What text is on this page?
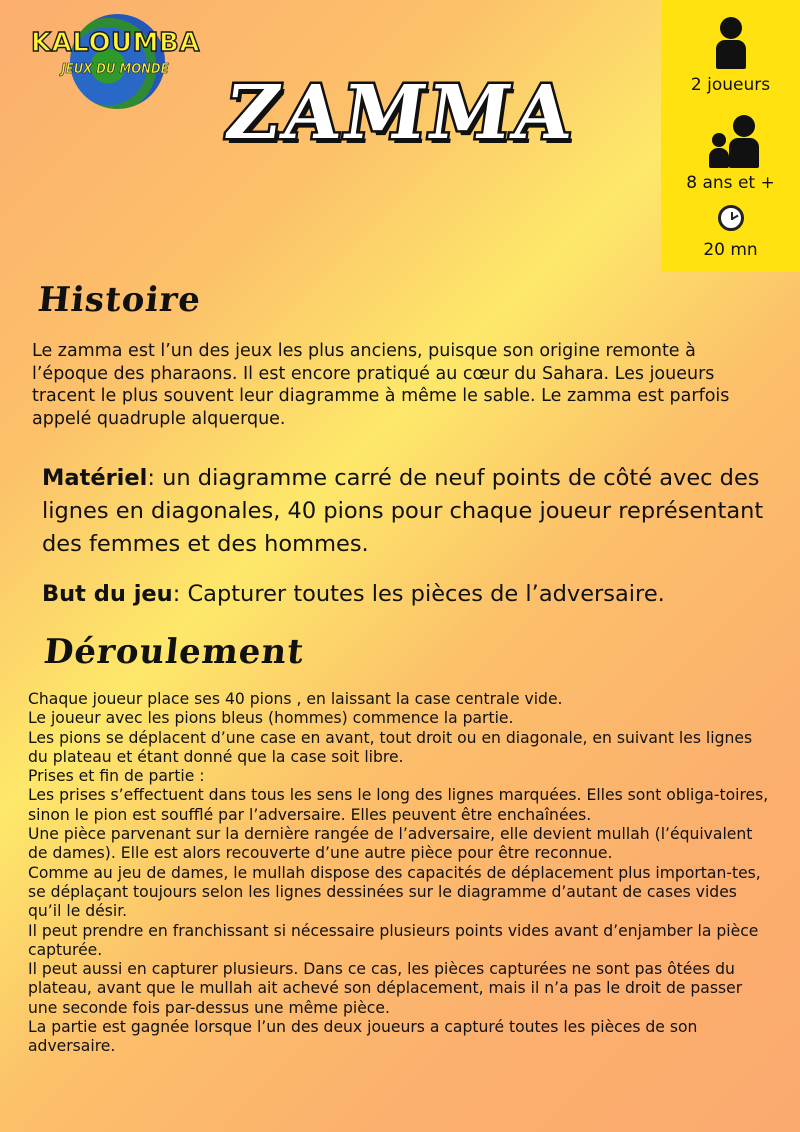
KALOUMBA
JEUX DU MONDE
ZAMMA	2 joueurs
8 ans et +
20 mn
Histoire
Le zamma est l’un des jeux les plus anciens, puisque son origine remonte à l’époque des pharaons. Il est encore pratiqué au cœur du Sahara. Les joueurs tracent le plus souvent leur diagramme à même le sable. Le zamma est parfois appelé quadruple alquerque.
Matériel: un diagramme carré de neuf points de côté avec des lignes en diagonales, 40 pions pour chaque joueur représentant des femmes et des hommes.
But du jeu: Capturer toutes les pièces de l’adversaire.
Déroulement

Chaque joueur place ses 40 pions , en laissant la case centrale vide.

Le joueur avec les pions bleus (hommes) commence la partie.

Les pions se déplacent d’une case en avant, tout droit ou en diagonale, en suivant les lignes du plateau et étant donné que la case soit libre.

Prises et fin de partie :

Les prises s’effectuent dans tous les sens le long des lignes marquées. Elles sont obliga-toires, sinon le pion est soufflé par l’adversaire. Elles peuvent être enchaînées.

Une pièce parvenant sur la dernière rangée de l’adversaire, elle devient mullah (l’équivalent de dames). Elle est alors recouverte d’une autre pièce pour être reconnue.

Comme au jeu de dames, le mullah dispose des capacités de déplacement plus importan-tes, se déplaçant toujours selon les lignes dessinées sur le diagramme d’autant de cases vides qu’il le désir.

Il peut prendre en franchissant si nécessaire plusieurs points vides avant d’enjamber la pièce capturée.

Il peut aussi en capturer plusieurs. Dans ce cas, les pièces capturées ne sont pas ôtées du plateau, avant que le mullah ait achevé son déplacement, mais il n’a pas le droit de passer une seconde fois par-dessus une même pièce.

La partie est gagnée lorsque l’un des deux joueurs a capturé toutes les pièces de son adversaire.
